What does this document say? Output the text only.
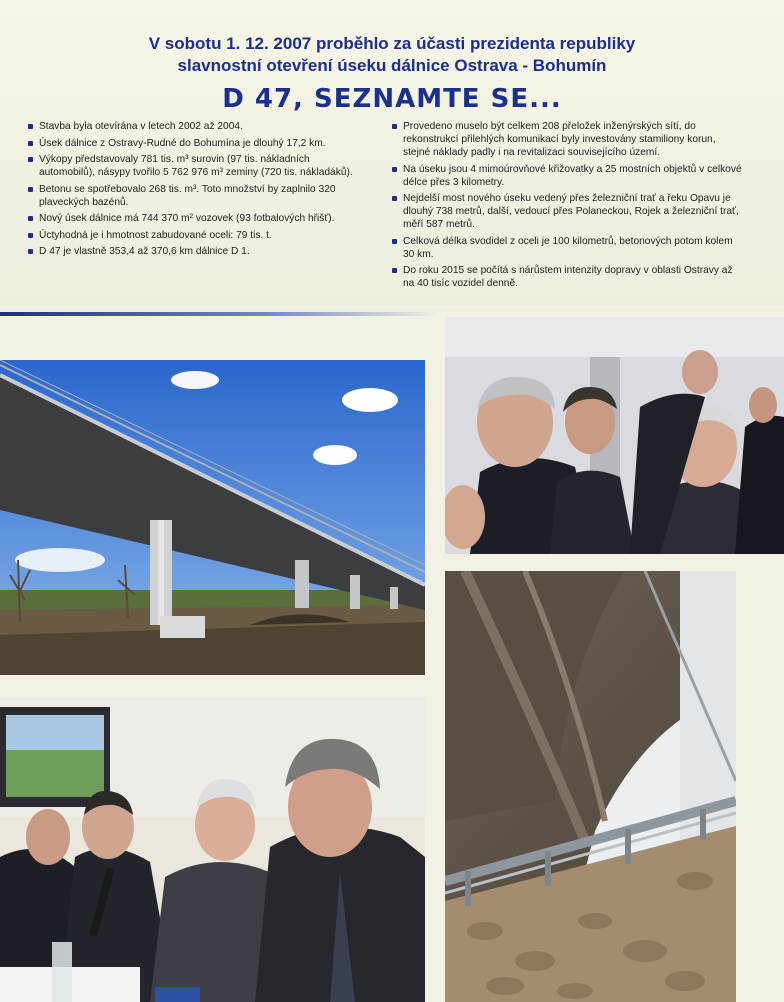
V sobotu 1. 12. 2007 proběhlo za účasti prezidenta republiky
slavnostní otevření úseku dálnice Ostrava - Bohumín
D 47, SEZNAMTE SE...
Stavba byla otevírána v letech 2002 až 2004.
Úsek dálnice z Ostravy-Rudné do Bohumína je dlouhý 17,2 km.
Výkopy představovaly 781 tis. m³ surovin (97 tis. nákladních automobilů), násypy tvořilo 5 762 976 m³ zeminy (720 tis. nákladáků).
Betonu se spotřebovalo 268 tis. m³. Toto množství by zaplnilo 320 plaveckých bazénů.
Nový úsek dálnice má 744 370 m² vozovek (93 fotbalových hřišť).
Úctyhodná je i hmotnost zabudované oceli: 79 tis. t.
D 47 je vlastně 353,4 až 370,6 km dálnice D 1.
Provedeno muselo být celkem 208 přeložek inženýrských sítí, do rekonstrukcí přilehlých komunikací byly investovány stamiliony korun, stejné náklady padly i na revitalizaci souvisejícího území.
Na úseku jsou 4 mimoúrovňové křižovatky a 25 mostních objektů v celkové délce přes 3 kilometry.
Nejdelší most nového úseku vedený přes železniční trať a řeku Opavu je dlouhý 738 metrů, další, vedoucí přes Polaneckou, Rojek a železniční trať, měří 587 metrů.
Celková délka svodidel z oceli je 100 kilometrů, betonových potom kolem 30 km.
Do roku 2015 se počítá s nárůstem intenzity dopravy v oblasti Ostravy až na 40 tisíc vozidel denně.
